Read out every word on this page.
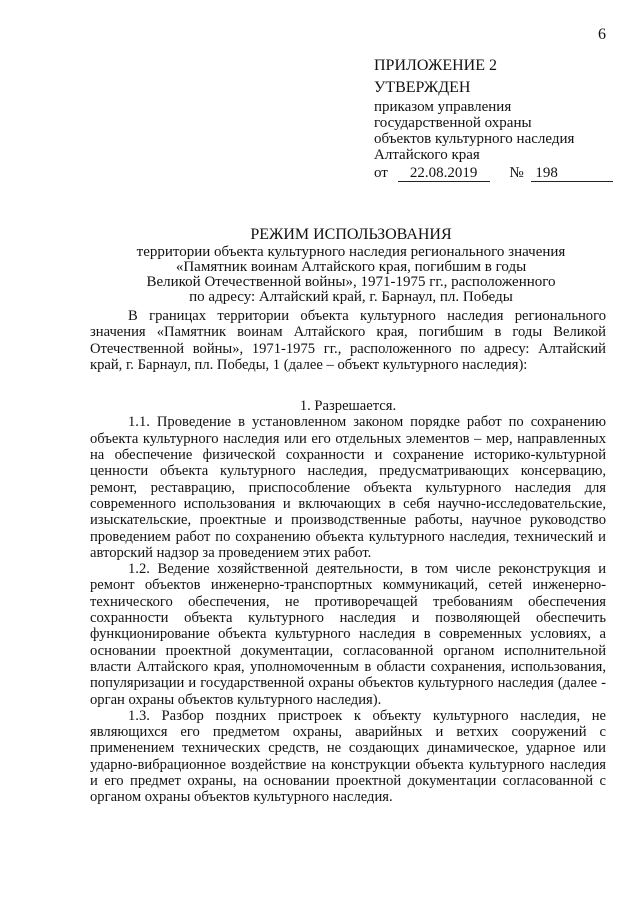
6
ПРИЛОЖЕНИЕ 2
УТВЕРЖДЕН
приказом управления
государственной охраны
объектов культурного наследия
Алтайского края
от 22.08.2019 № 198
РЕЖИМ ИСПОЛЬЗОВАНИЯ
территории объекта культурного наследия регионального значения
«Памятник воинам Алтайского края, погибшим в годы
Великой Отечественной войны», 1971-1975 гг., расположенного
по адресу: Алтайский край, г. Барнаул, пл. Победы

В границах территории объекта культурного наследия регионального значения «Памятник воинам Алтайского края, погибшим в годы Великой Отечественной войны», 1971-1975 гг., расположенного по адресу: Алтайский край, г. Барнаул, пл. Победы, 1 (далее – объект культурного наследия):

1. Разрешается.

1.1. Проведение в установленном законом порядке работ по сохранению объекта культурного наследия или его отдельных элементов – мер, направленных на обеспечение физической сохранности и сохранение историко-культурной ценности объекта культурного наследия, предусматривающих консервацию, ремонт, реставрацию, приспособление объекта культурного наследия для современного использования и включающих в себя научно-исследовательские, изыскательские, проектные и производственные работы, научное руководство проведением работ по сохранению объекта культурного наследия, технический и авторский надзор за проведением этих работ.

1.2. Ведение хозяйственной деятельности, в том числе реконструкция и ремонт объектов инженерно-транспортных коммуникаций, сетей инженерно-технического обеспечения, не противоречащей требованиям обеспечения сохранности объекта культурного наследия и позволяющей обеспечить функционирование объекта культурного наследия в современных условиях, а основании проектной документации, согласованной органом исполнительной власти Алтайского края, уполномоченным в области сохранения, использования, популяризации и государственной охраны объектов культурного наследия (далее - орган охраны объектов культурного наследия).

1.3. Разбор поздних пристроек к объекту культурного наследия, не являющихся его предметом охраны, аварийных и ветхих сооружений с применением технических средств, не создающих динамическое, ударное или ударно-вибрационное воздействие на конструкции объекта культурного наследия и его предмет охраны, на основании проектной документации согласованной с органом охраны объектов культурного наследия.
